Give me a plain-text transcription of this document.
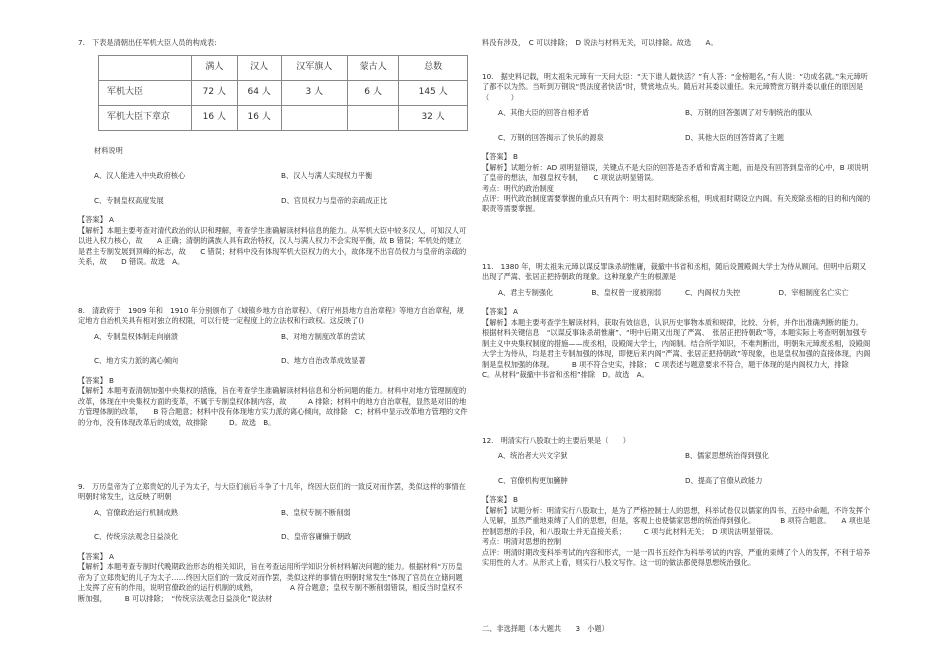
7.　下表是清朝出任军机大臣人员的构成表:

	满人	汉人	汉军旗人	蒙古人	总数
军机大臣	72 人	64 人	3 人	6 人	145 人
军机大臣下章京	16 人	16 人			32 人

材料说明

A、汉人能进入中央政府核心	B、汉人与满人实现权力平衡
C、专制皇权高度发展	D、官员权力与皇帝的亲疏成正比

【答案】 A

【解析】本题主要考查对清代政治的认识和理解，考查学生准确解读材料信息的能力。从军机大臣中较多汉人，可知汉人可以进入权力核心，故　　A 正确；清朝的满族人具有政治特权，汉人与满人权力不会实现平衡，故 B 错误；军机处的建立是君主专制发展到顶峰的标志，故　　C 错误；材料中没有体现军机大臣权力的大小，故体现不出官员权力与皇帝的亲疏的关系，故　　D 错误。故选　A。

8.　清政府于　1909 年和　1910 年分别颁布了《城镇乡地方自治章程》、《府厅州县地方自治章程》等地方自治章程，规定地方自治机关具有相对独立的权限，可以行使一定程度上的立法权和行政权。这反映了()

A、专制皇权体制走向崩溃	B、对地方制度改革的尝试
C、地方实力派的离心倾向	D、地方自治改革成效显著

【答案】 B

【解析】本题考查清朝加强中央集权的措施，旨在考查学生准确解读材料信息和分析问题的能力。材料中对地方管理制度的改革，体现在中央集权方面的变革，不属于专制皇权体制内容，故　　　A 排除；材料中的地方自治章程，显然是对旧的地方管理体制的改革，　　B 符合题意；材料中没有体现地方实力派的离心倾向，故排除　C；材料中显示改革地方管理的文件的分布，没有体现改革后的成效，故排除　　　D。故选　B。

9.　万历皇帝为了立郑贵妃的儿子为太子，与大臣们前后斗争了十几年，终因大臣们的一致反对而作罢，类似这样的事情在明朝时常发生，这反映了明朝

A、官僚政治运行机制成熟	B、皇权专制不断削弱
C、传统宗法观念日益淡化	D、皇帝容庸懒于朝政

【答案】 A

【解析】本题考查专制时代晚期政治形态的相关知识，旨在考查运用所学知识分析材料解决问题的能力。根据材料“万历皇帝为了立郑贵妃的儿子为太子……终因大臣们的一致反对而作罢，类似这样的事情在明朝时常发生”体现了官员在立储问题上发挥了应有的作用，说明官僚政治的运行机制的成熟，　　　　　A 符合题意；皇权专制不断削弱错误，相反当时皇权不断加强，　　　B 可以排除；　“传统宗法观念日益淡化”说法材

料没有涉及，　C 可以排除；　D 说法与材料无关，可以排除。故选　　A。

10.　据史料记载，明太祖朱元璋有一天问大臣：“天下谁人最快活？”有人答：“金榜题名，”有人说：“功成名就。”朱元璋听了都不以为然。当听到万钢说“畏法度者快活”时，赞赏地点头。随后对其委以重任。朱元璋赞赏万钢并委以重任的原因是（　　　）

A、其他大臣的回答自相矛盾	B、万钢的回答强调了对专制统治的服从
C、万钢的回答揭示了快乐的源泉	D、其他大臣的回答背离了主题

【答案】 B

【解析】试题分析：AD 项明显错误，关键点不是大臣的回答是否矛盾和背离主题，而是没有回答到皇帝的心中，B 项说明了皇帝的想法，加强皇权专制，　　C 项说法明显错误。

考点：明代的政治制度

点评：明代政治制度需要掌握的重点只有两个：明太祖时期废除丞相，明成祖时期设立内阁。有关废除丞相的目的和内阁的职责等需要掌握。

11.　1380 年，明太祖朱元璋以谋反罪诛杀胡惟庸，裁撤中书省和丞相，随后设置殿阁大学士为侍从顾问。但明中后期又出现了严嵩、张居正把持朝政的现象。这种现象产生的根源是

A、君主专制强化	B、皇权曾一度被削弱	C、内阁权力失控	D、宰相制度名亡实亡

【答案】 A

【解析】本题主要考查学生解读材料，获取有效信息，认识历史事物本质和规律，比较、分析，并作出准确判断的能力。　根据材料关键信息　“以谋反事诛杀胡惟庸”、“明中后期又出现了严嵩、　张居正把持朝政”等，本题实际上考查明朝加强专制主义中央集权制度的措施——废丞相，设殿阁大学士，内阁制。结合所学知识，不难判断出，明朝朱元璋废丞相，设殿阁大学士为侍从，均是君主专制加强的体现，即便后来内阁“严嵩、张居正把持朝政”等现象，也是皇权加强的直接体现，内阁制是皇权加强的体现。　　　B 项不符合史实，排除；　C 项表述与题意要求不符合，题干体现的是内阁权力大，排除　　　C。从材料“裁撤中书省和丞相”排除　D。故选　A。

12.　明清实行八股取士的主要后果是（　　）

A、统治者大兴文字狱	B、儒家思想统治得到强化
C、官僚机构更加臃肿	D、提高了官僚从政能力

【答案】 B

【解析】试题分析：明清实行八股取士，是为了严格控制士人的思想，科举试卷仅以儒家的四书、五经中命题，不许发挥个人见解，虽然严重地束缚了人们的思想，但是，客观上也使儒家思想的统治得到强化。　　　　B 项符合题意。　　A 项也是控制思想的手段，和八股取士并无直接关系；　　　C 项与此材料无关；　D 项说法明显错误。

考点：明清对思想的控制

点评：明清时期改变科举考试的内容和形式，一是一四书五经作为科举考试的内容，严重的束缚了个人的发挥，不利于培养实用性的人才。从形式上看，则实行八股文写作。这一切的做法都使得思想统治强化。

二、非选择题（本大题共　　3　小题）
